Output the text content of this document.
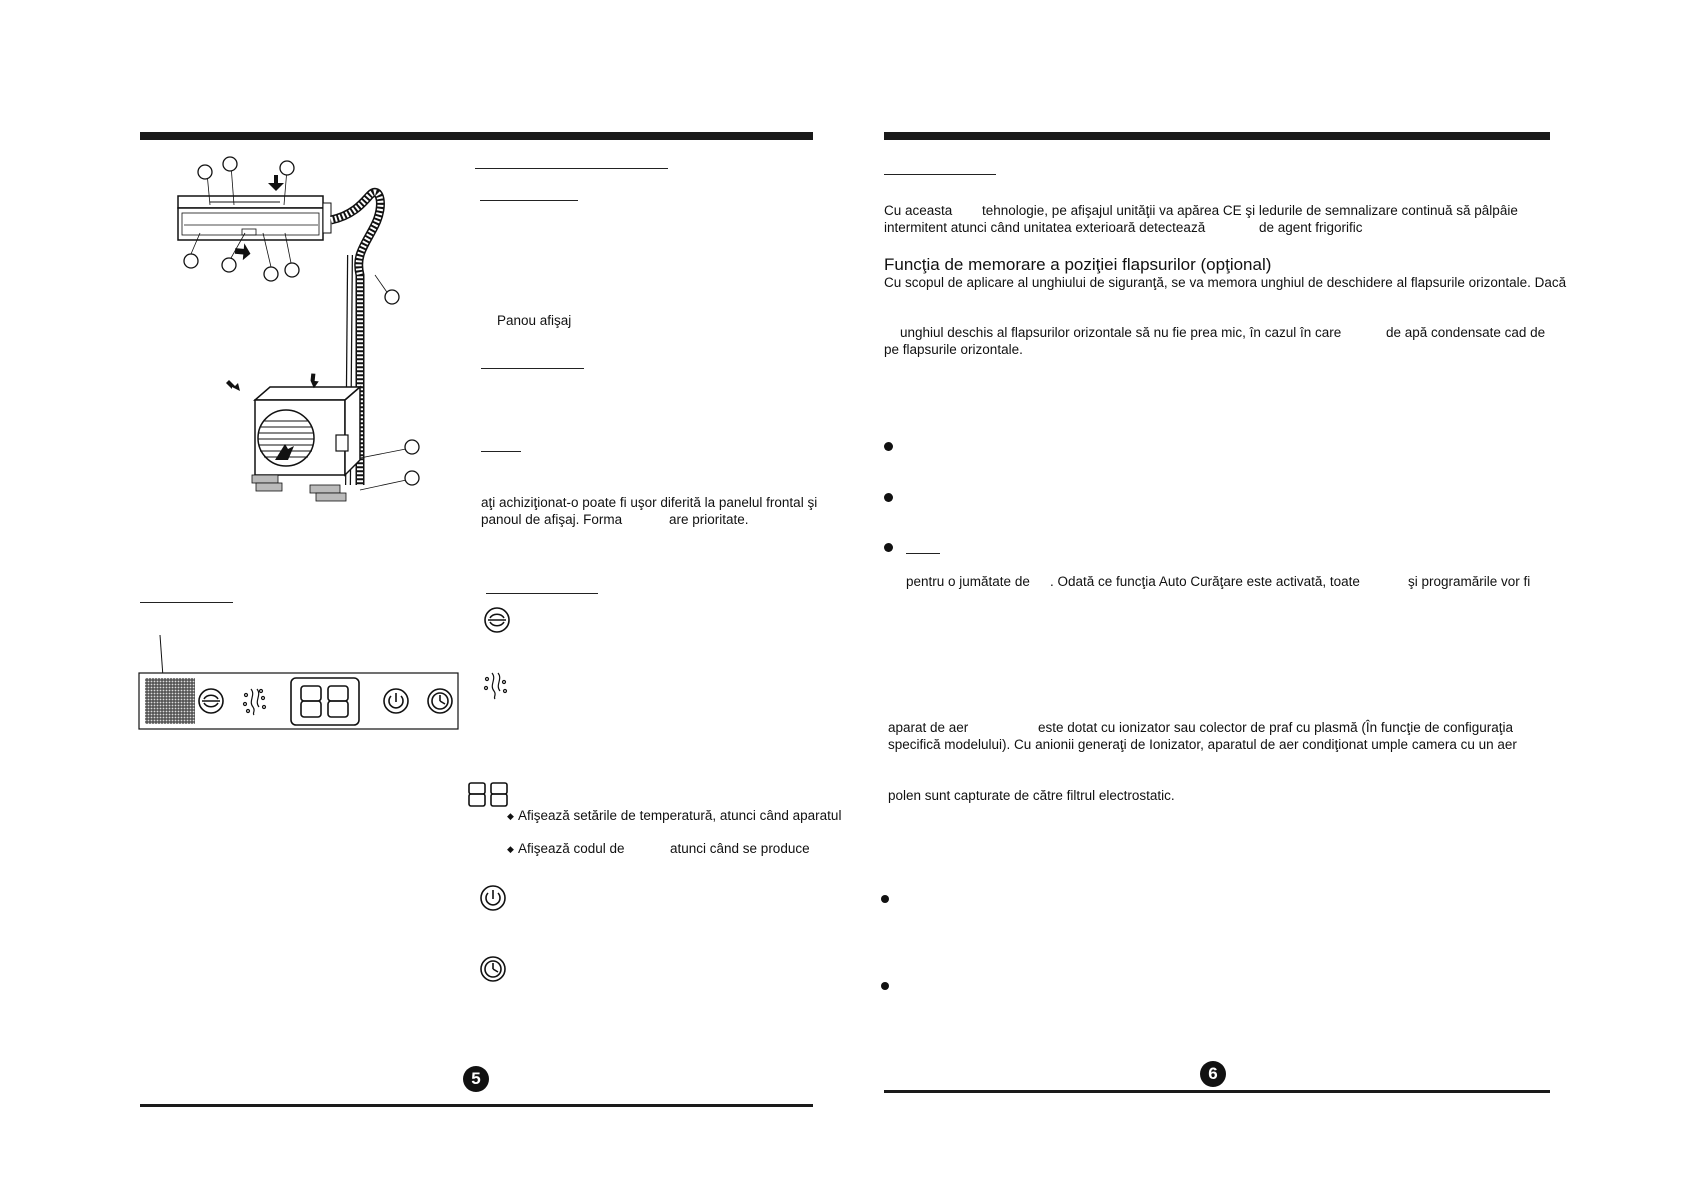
Panou afişaj
aţi achiziţionat-o poate fi uşor diferită la panelul frontal şi
panoul de afişaj. Forma	are prioritate.
◆ Afişează setările de temperatură, atunci când aparatul
◆ Afişează codul de	atunci când se produce
5
Cu aceasta tehnologie, pe afişajul unităţii va apărea CE şi ledurile de semnalizare continuă să pâlpâie
intermitent atunci când unitatea exterioară detectează	de agent frigorific
Funcţia de memorare a poziţiei flapsurilor (opţional)
Cu scopul de aplicare al unghiului de siguranţă, se va memora unghiul de deschidere al flapsurile orizontale. Dacă
unghiul deschis al flapsurilor orizontale să nu fie prea mic, în cazul în care	de apă condensate cad de
pe flapsurile orizontale.
pentru o jumătate de . Odată ce funcţia Auto Curăţare este activată, toate	şi programările vor fi
aparat de aer	este dotat cu ionizator sau colector de praf cu plasmă (În funcţie de configuraţia
specifică modelului). Cu anionii generaţi de Ionizator, aparatul de aer condiţionat umple camera cu un aer
polen sunt capturate de către filtrul electrostatic.
6
